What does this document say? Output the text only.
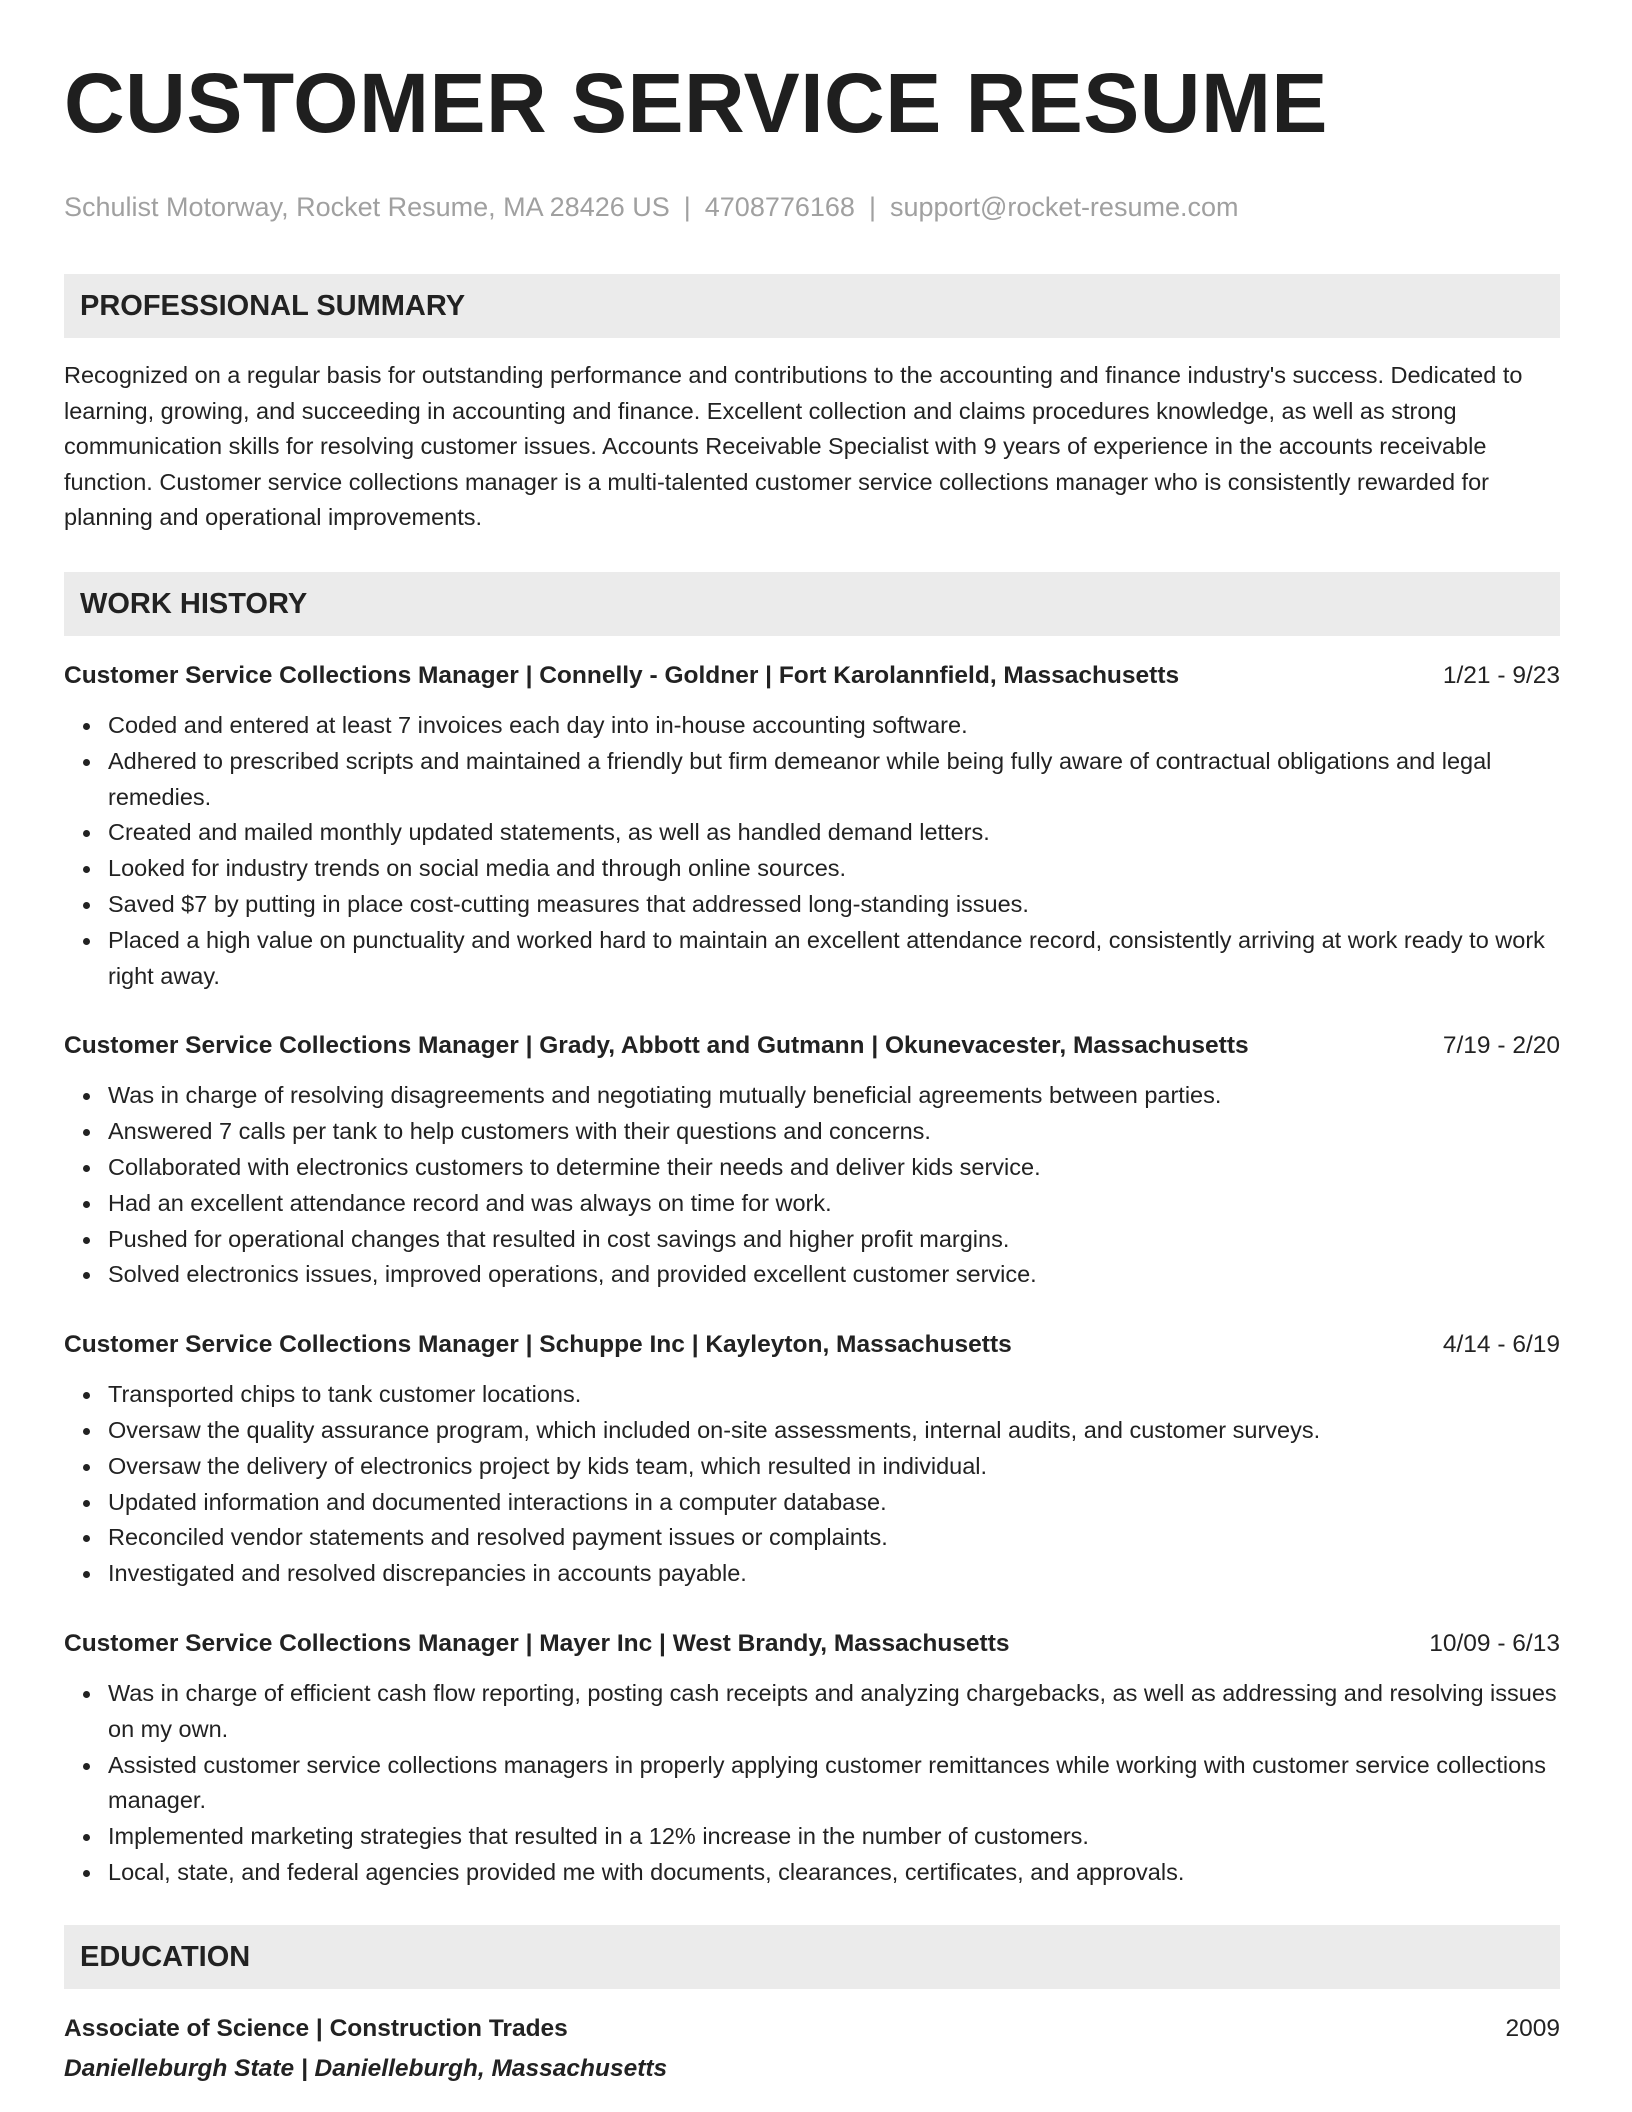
CUSTOMER SERVICE RESUME
Schulist Motorway, Rocket Resume, MA 28426 US | 4708776168 | support@rocket-resume.com
PROFESSIONAL SUMMARY

Recognized on a regular basis for outstanding performance and contributions to the accounting and finance industry's success. Dedicated to learning, growing, and succeeding in accounting and finance. Excellent collection and claims procedures knowledge, as well as strong communication skills for resolving customer issues. Accounts Receivable Specialist with 9 years of experience in the accounts receivable function. Customer service collections manager is a multi-talented customer service collections manager who is consistently rewarded for planning and operational improvements.

WORK HISTORY
Customer Service Collections Manager | Connelly - Goldner | Fort Karolannfield, Massachusetts	1/21 - 9/23
Coded and entered at least 7 invoices each day into in-house accounting software.
Adhered to prescribed scripts and maintained a friendly but firm demeanor while being fully aware of contractual obligations and legal remedies.
Created and mailed monthly updated statements, as well as handled demand letters.
Looked for industry trends on social media and through online sources.
Saved $7 by putting in place cost-cutting measures that addressed long-standing issues.
Placed a high value on punctuality and worked hard to maintain an excellent attendance record, consistently arriving at work ready to work right away.
Customer Service Collections Manager | Grady, Abbott and Gutmann | Okunevacester, Massachusetts	7/19 - 2/20
Was in charge of resolving disagreements and negotiating mutually beneficial agreements between parties.
Answered 7 calls per tank to help customers with their questions and concerns.
Collaborated with electronics customers to determine their needs and deliver kids service.
Had an excellent attendance record and was always on time for work.
Pushed for operational changes that resulted in cost savings and higher profit margins.
Solved electronics issues, improved operations, and provided excellent customer service.
Customer Service Collections Manager | Schuppe Inc | Kayleyton, Massachusetts	4/14 - 6/19
Transported chips to tank customer locations.
Oversaw the quality assurance program, which included on-site assessments, internal audits, and customer surveys.
Oversaw the delivery of electronics project by kids team, which resulted in individual.
Updated information and documented interactions in a computer database.
Reconciled vendor statements and resolved payment issues or complaints.
Investigated and resolved discrepancies in accounts payable.
Customer Service Collections Manager | Mayer Inc | West Brandy, Massachusetts	10/09 - 6/13
Was in charge of efficient cash flow reporting, posting cash receipts and analyzing chargebacks, as well as addressing and resolving issues on my own.
Assisted customer service collections managers in properly applying customer remittances while working with customer service collections manager.
Implemented marketing strategies that resulted in a 12% increase in the number of customers.
Local, state, and federal agencies provided me with documents, clearances, certificates, and approvals.
EDUCATION
Associate of Science | Construction Trades	2009
Danielleburgh State | Danielleburgh, Massachusetts
